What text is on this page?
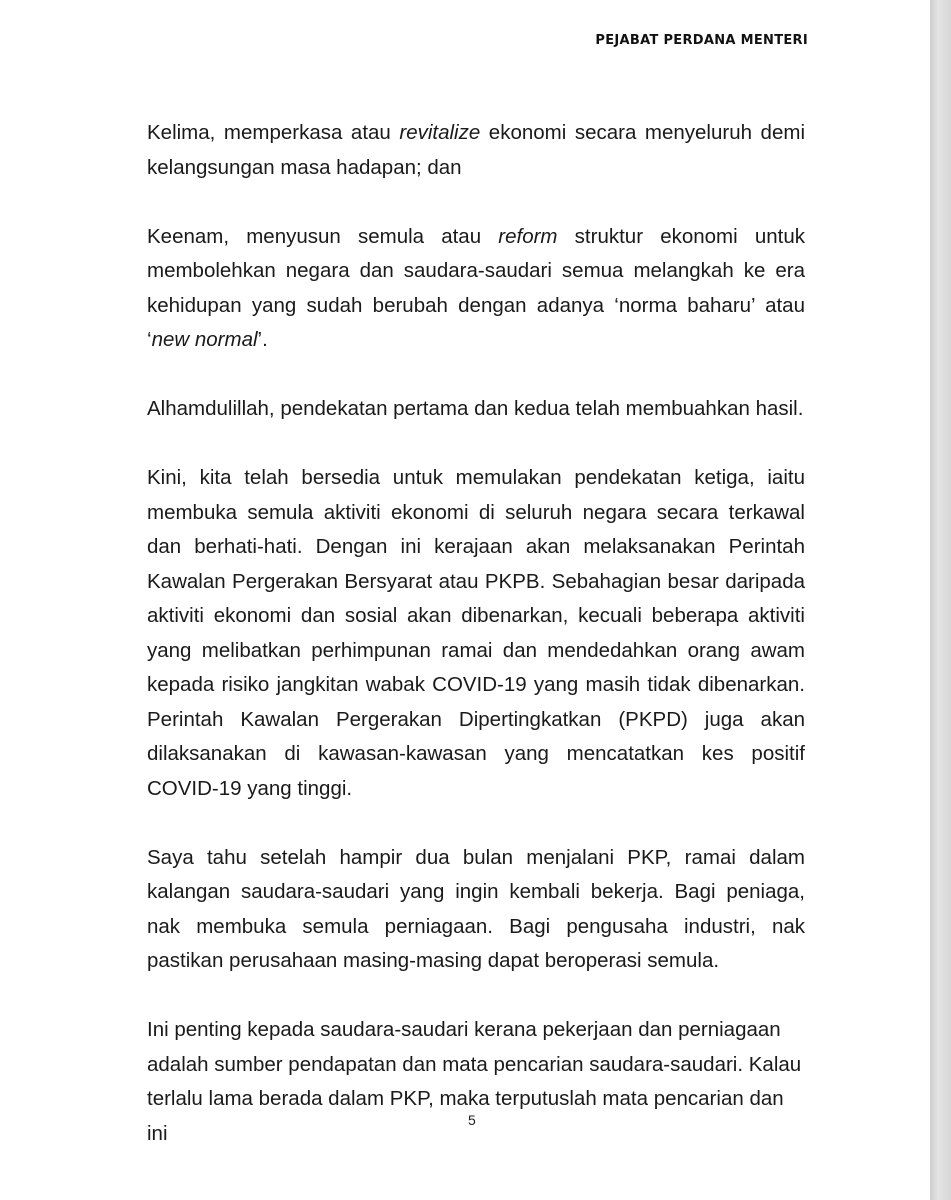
PEJABAT PERDANA MENTERI

Kelima, memperkasa atau revitalize ekonomi secara menyeluruh demi kelangsungan masa hadapan; dan

Keenam, menyusun semula atau reform struktur ekonomi untuk membolehkan negara dan saudara-saudari semua melangkah ke era kehidupan yang sudah berubah dengan adanya ‘norma baharu’ atau ‘new normal’.

Alhamdulillah, pendekatan pertama dan kedua telah membuahkan hasil.

Kini, kita telah bersedia untuk memulakan pendekatan ketiga, iaitu membuka semula aktiviti ekonomi di seluruh negara secara terkawal dan berhati-hati. Dengan ini kerajaan akan melaksanakan Perintah Kawalan Pergerakan Bersyarat atau PKPB. Sebahagian besar daripada aktiviti ekonomi dan sosial akan dibenarkan, kecuali beberapa aktiviti yang melibatkan perhimpunan ramai dan mendedahkan orang awam kepada risiko jangkitan wabak COVID-19 yang masih tidak dibenarkan. Perintah Kawalan Pergerakan Dipertingkatkan (PKPD) juga akan dilaksanakan di kawasan-kawasan yang mencatatkan kes positif COVID-19 yang tinggi.

Saya tahu setelah hampir dua bulan menjalani PKP, ramai dalam kalangan saudara-saudari yang ingin kembali bekerja. Bagi peniaga, nak membuka semula perniagaan. Bagi pengusaha industri, nak pastikan perusahaan masing-masing dapat beroperasi semula.

Ini penting kepada saudara-saudari kerana pekerjaan dan perniagaan adalah sumber pendapatan dan mata pencarian saudara-saudari. Kalau terlalu lama berada dalam PKP, maka terputuslah mata pencarian dan ini

5
